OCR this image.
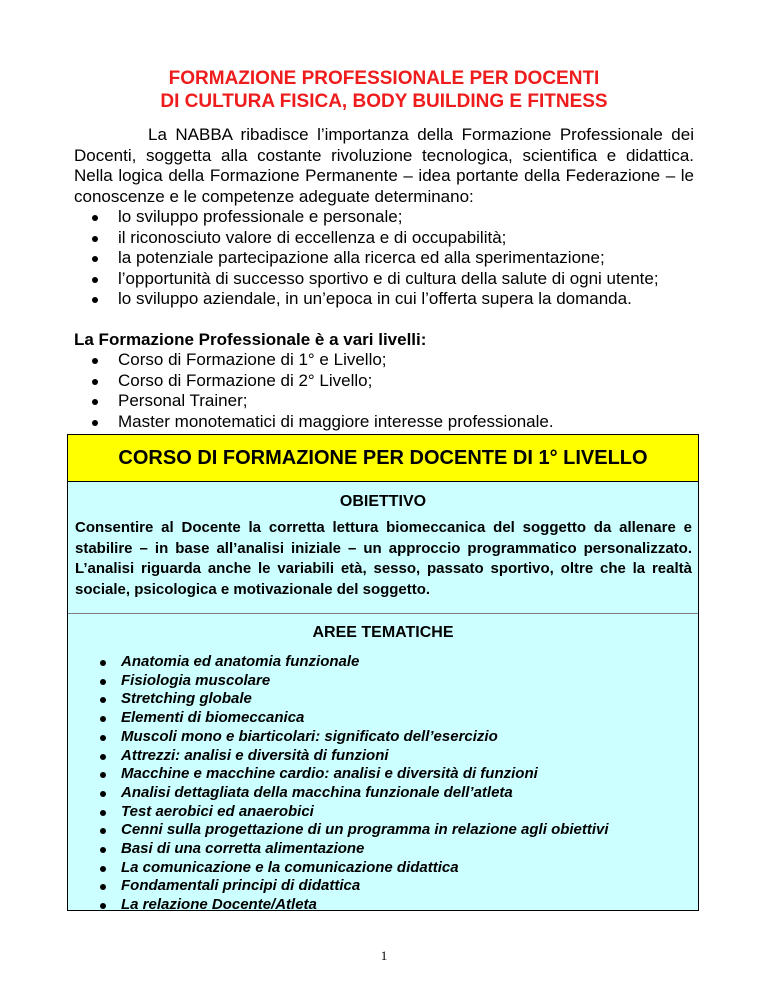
FORMAZIONE PROFESSIONALE PER DOCENTI
DI CULTURA FISICA, BODY BUILDING E FITNESS

La NABBA ribadisce l’importanza della Formazione Professionale dei Docenti, soggetta alla costante rivoluzione tecnologica, scientifica e didattica. Nella logica della Formazione Permanente – idea portante della Federazione – le conoscenze e le competenze adeguate determinano:

lo sviluppo professionale e personale;
il riconosciuto valore di eccellenza e di occupabilità;
la potenziale partecipazione alla ricerca ed alla sperimentazione;
l’opportunità di successo sportivo e di cultura della salute di ogni utente;
lo sviluppo aziendale, in un’epoca in cui l’offerta supera la domanda.
La Formazione Professionale è a vari livelli:
Corso di Formazione di 1° e Livello;
Corso di Formazione di 2° Livello;
Personal Trainer;
Master monotematici di maggiore interesse professionale.
CORSO DI FORMAZIONE PER DOCENTE DI 1° LIVELLO
OBIETTIVO
Consentire al Docente la corretta lettura biomeccanica del soggetto da allenare e stabilire – in base all’analisi iniziale – un approccio programmatico personalizzato. L’analisi riguarda anche le variabili età, sesso, passato sportivo, oltre che la realtà sociale, psicologica e motivazionale del soggetto.
AREE TEMATICHE
Anatomia ed anatomia funzionale
Fisiologia muscolare
Stretching globale
Elementi di biomeccanica
Muscoli mono e biarticolari: significato dell’esercizio
Attrezzi: analisi e diversità di funzioni
Macchine e macchine cardio: analisi e diversità di funzioni
Analisi dettagliata della macchina funzionale dell’atleta
Test aerobici ed anaerobici
Cenni sulla progettazione di un programma in relazione agli obiettivi
Basi di una corretta alimentazione
La comunicazione e la comunicazione didattica
Fondamentali principi di didattica
La relazione Docente/Atleta
1
